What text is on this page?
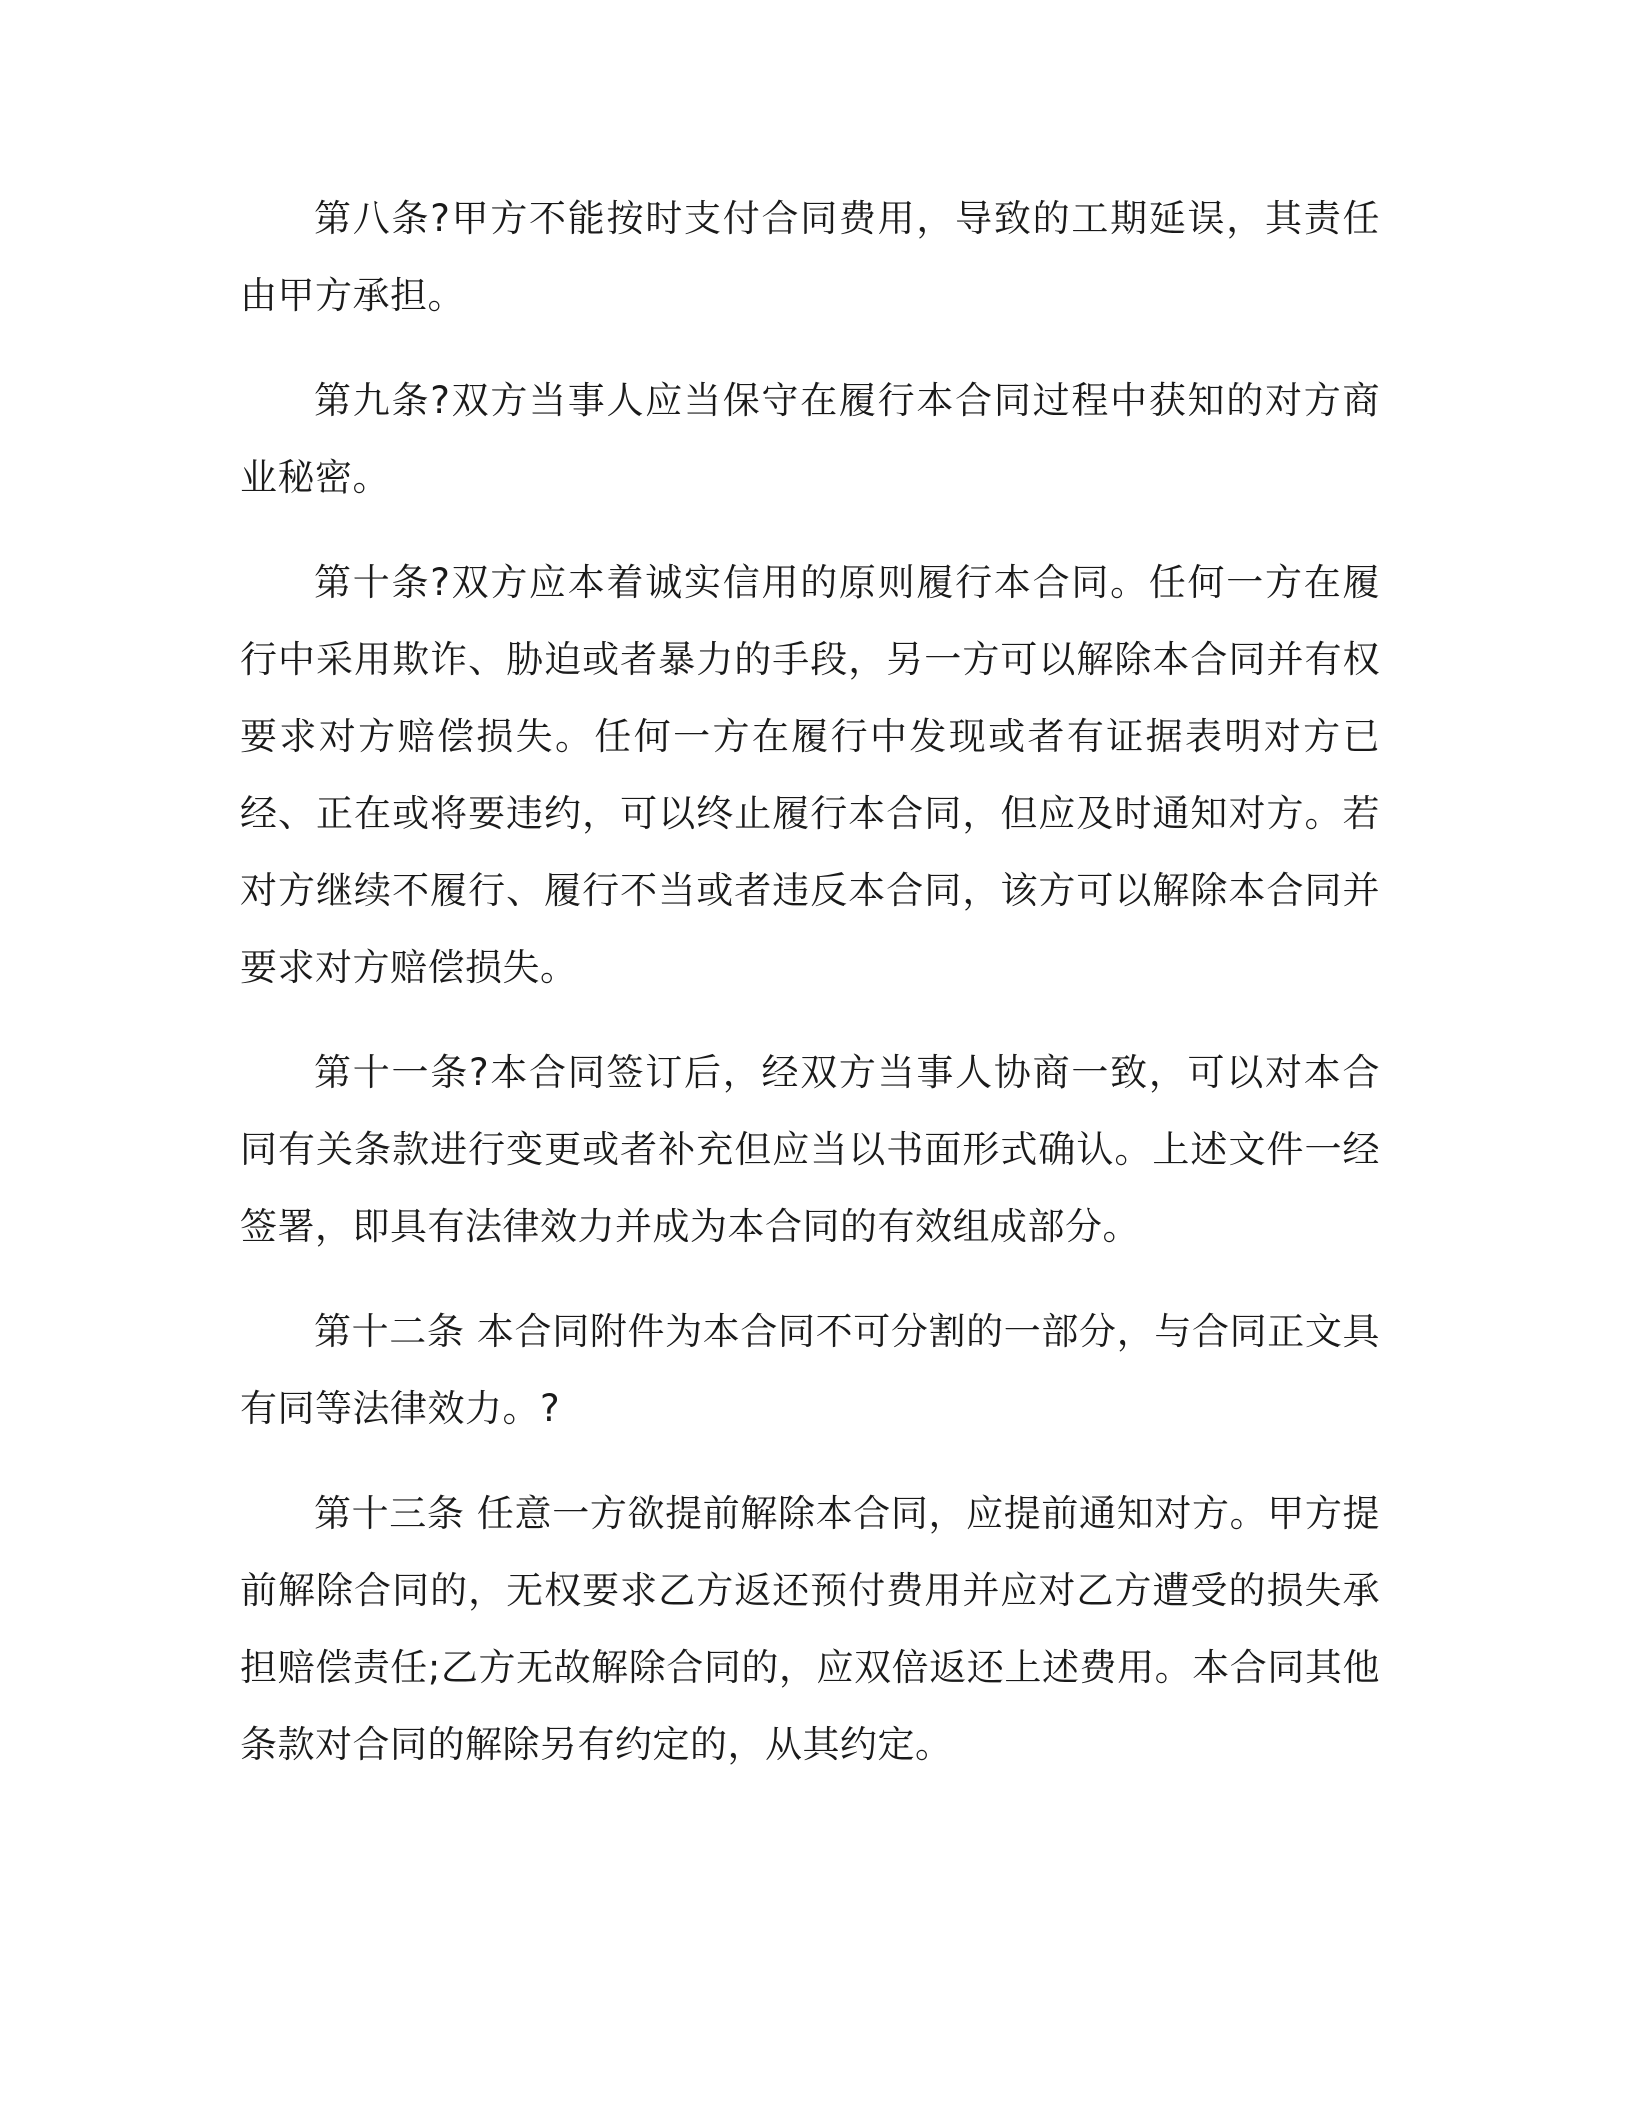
第八条?甲方不能按时支付合同费用，导致的工期延误，其责任由甲方承担。

第九条?双方当事人应当保守在履行本合同过程中获知的对方商业秘密。

第十条?双方应本着诚实信用的原则履行本合同。任何一方在履行中采用欺诈、胁迫或者暴力的手段，另一方可以解除本合同并有权要求对方赔偿损失。任何一方在履行中发现或者有证据表明对方已经、正在或将要违约，可以终止履行本合同，但应及时通知对方。若对方继续不履行、履行不当或者违反本合同，该方可以解除本合同并要求对方赔偿损失。

第十一条?本合同签订后，经双方当事人协商一致，可以对本合同有关条款进行变更或者补充但应当以书面形式确认。上述文件一经签署，即具有法律效力并成为本合同的有效组成部分。

第十二条 本合同附件为本合同不可分割的一部分，与合同正文具有同等法律效力。?

第十三条 任意一方欲提前解除本合同，应提前通知对方。甲方提前解除合同的，无权要求乙方返还预付费用并应对乙方遭受的损失承担赔偿责任;乙方无故解除合同的，应双倍返还上述费用。本合同其他条款对合同的解除另有约定的，从其约定。
